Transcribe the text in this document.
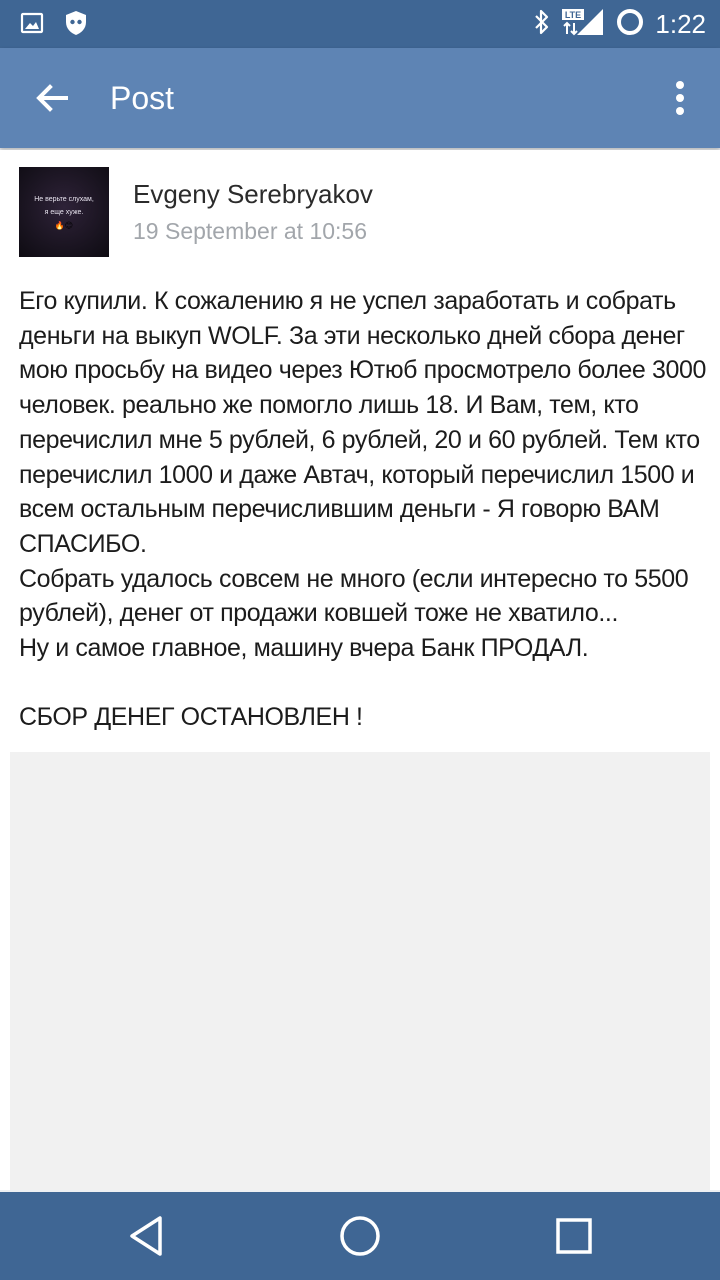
LTE	1:22
Post
Не верьте слухам,
я еще хуже.
🔥😊
Evgeny Serebryakov
19 September at 10:56

Его купили. К сожалению я не успел заработать и собрать деньги на выкуп WOLF. За эти несколько дней сбора денег мою просьбу на видео через Ютюб просмотрело более 3000 человек. реально же помогло лишь 18. И Вам, тем, кто перечислил мне 5 рублей, 6 рублей, 20 и 60 рублей. Тем кто перечислил 1000 и даже Автач, который перечислил 1500 и всем остальным перечислившим деньги - Я говорю ВАМ СПАСИБО.
Собрать удалось совсем не много (если интересно то 5500 рублей), денег от продажи ковшей тоже не хватило...
Ну и самое главное, машину вчера Банк ПРОДАЛ.

СБОР ДЕНЕГ ОСТАНОВЛЕН !
